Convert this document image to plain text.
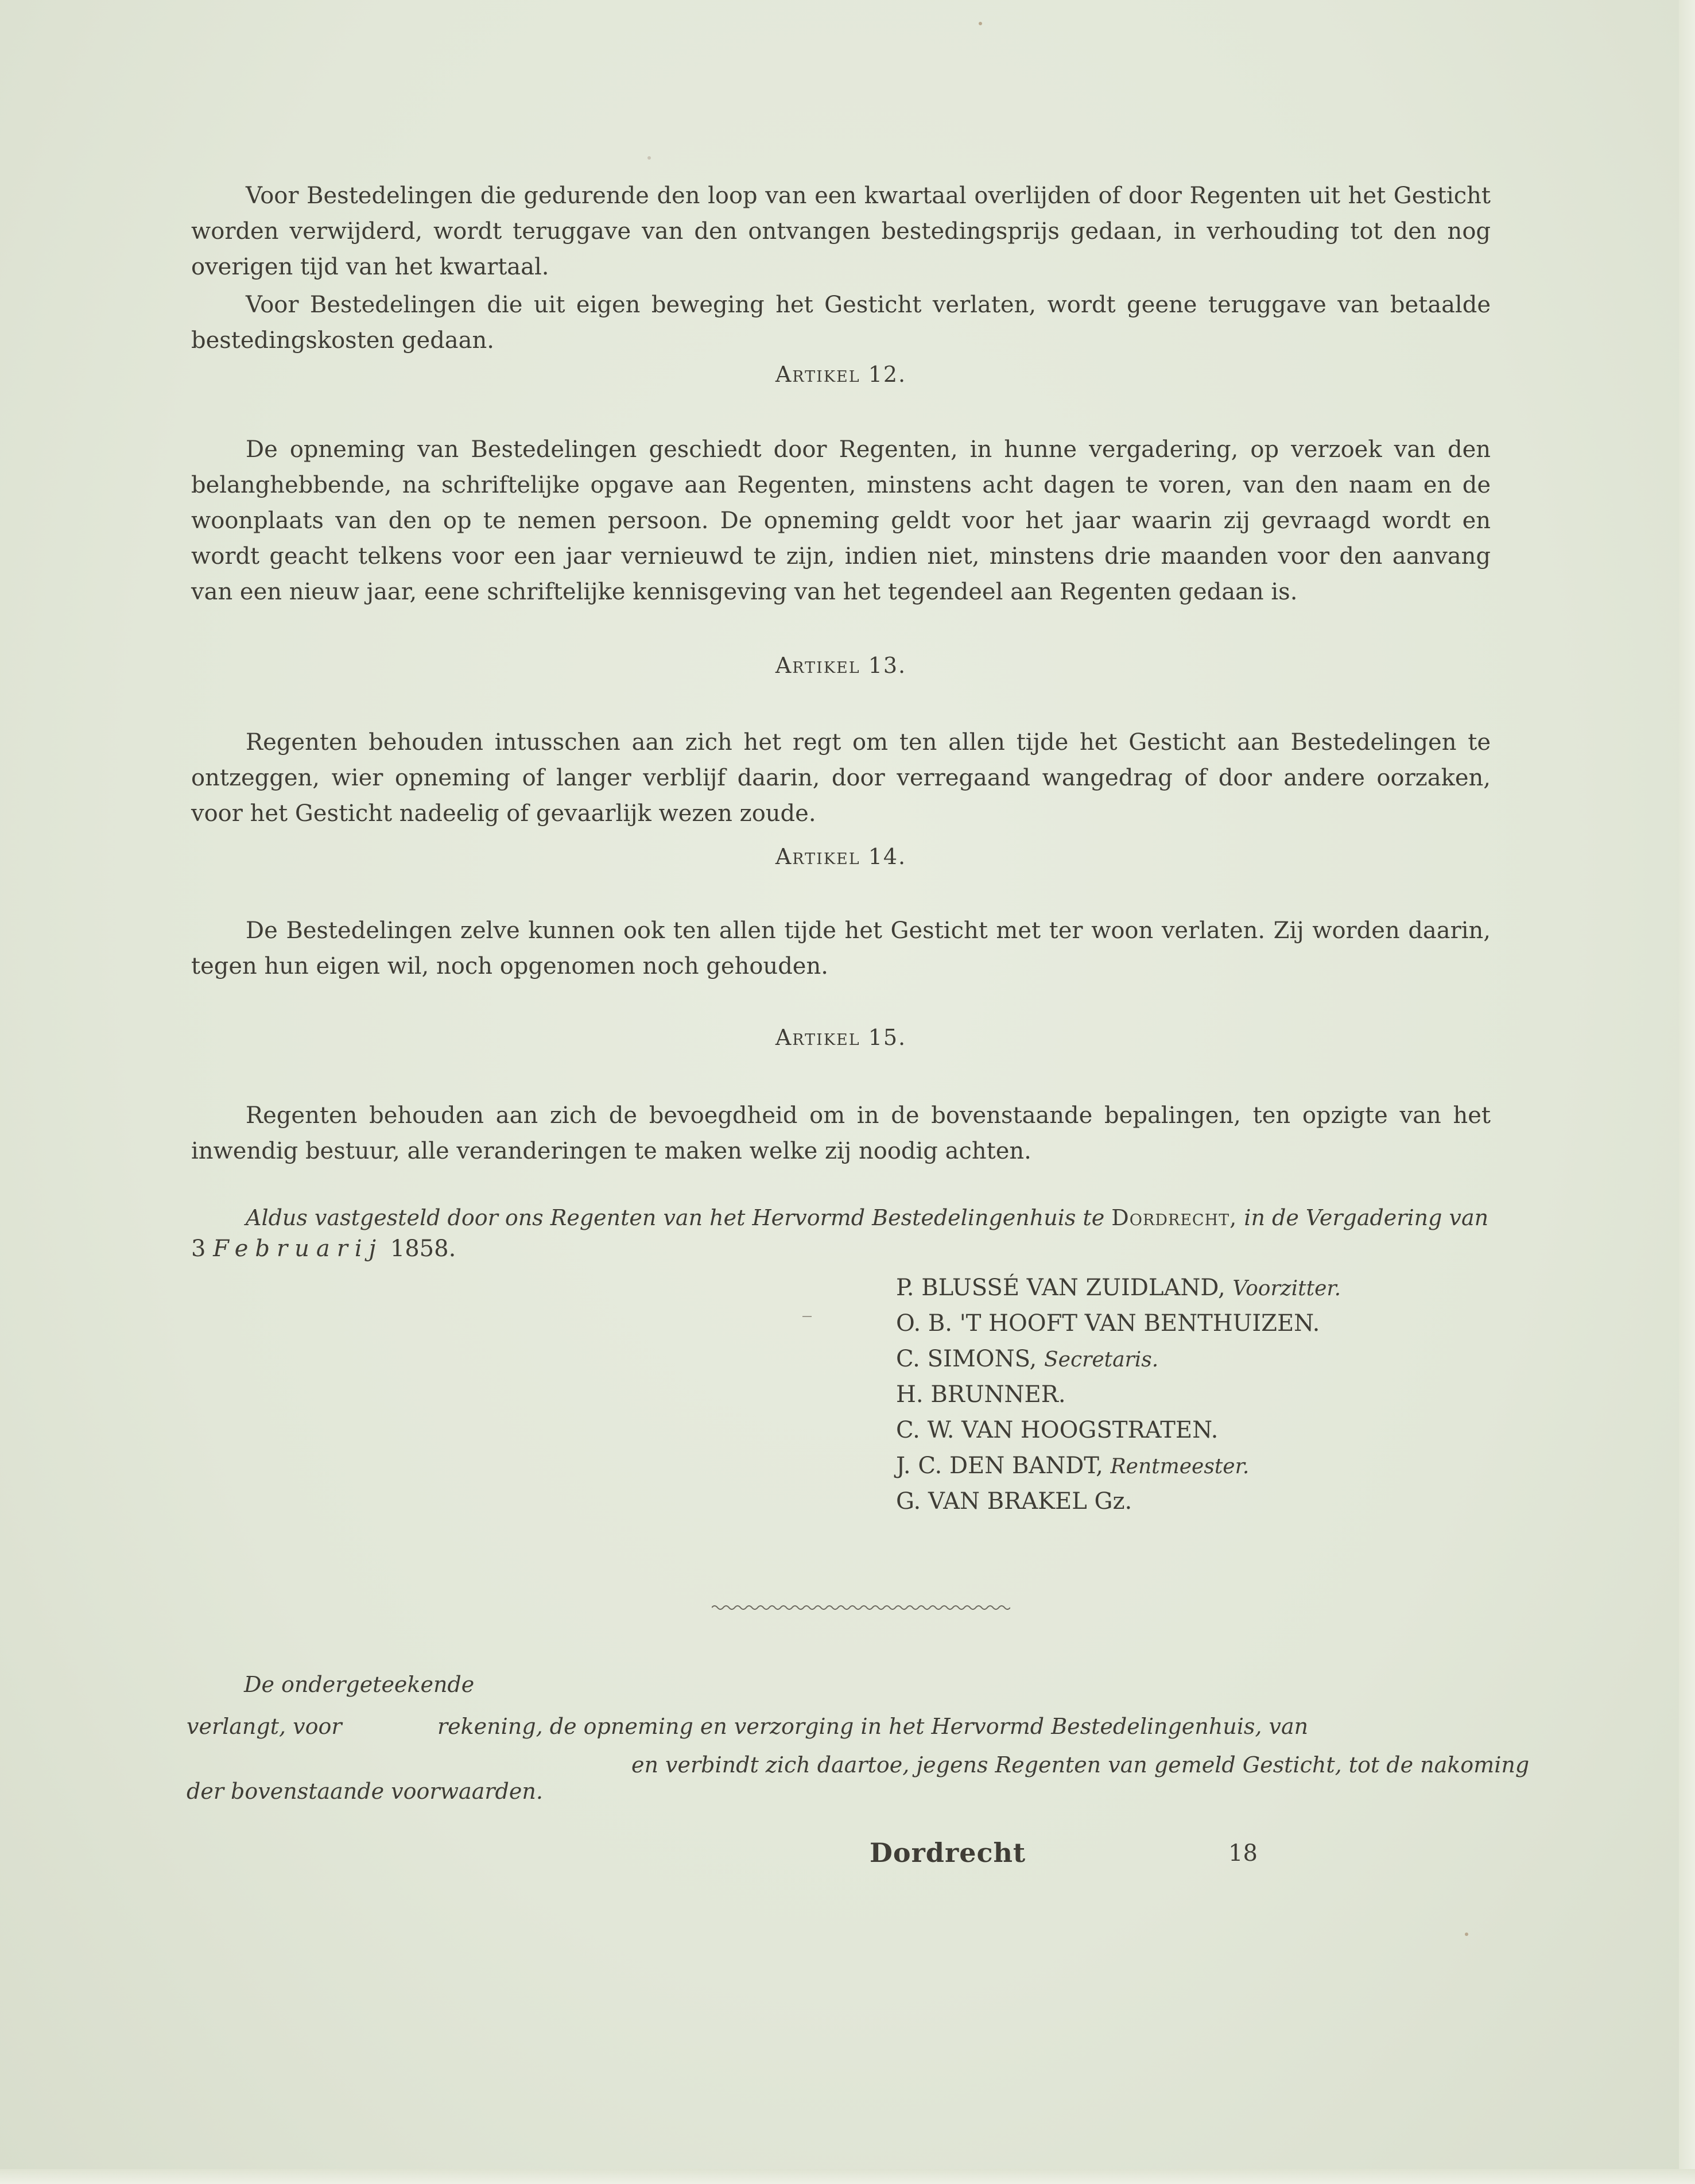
Voor Bestedelingen die gedurende den loop van een kwartaal overlijden of door Regenten uit het Gesticht worden verwijderd, wordt teruggave van den ontvangen bestedingsprijs gedaan, in verhouding tot den nog overigen tijd van het kwartaal.

Voor Bestedelingen die uit eigen beweging het Gesticht verlaten, wordt geene teruggave van betaalde bestedingskosten gedaan.

Artikel 12.

De opneming van Bestedelingen geschiedt door Regenten, in hunne vergadering, op verzoek van den belanghebbende, na schriftelijke opgave aan Regenten, minstens acht dagen te voren, van den naam en de woonplaats van den op te nemen persoon. De opneming geldt voor het jaar waarin zij gevraagd wordt en wordt geacht telkens voor een jaar vernieuwd te zijn, indien niet, minstens drie maanden voor den aanvang van een nieuw jaar, eene schriftelijke kennisgeving van het tegendeel aan Regenten gedaan is.

Artikel 13.

Regenten behouden intusschen aan zich het regt om ten allen tijde het Gesticht aan Bestedelingen te ontzeggen, wier opneming of langer verblijf daarin, door verregaand wangedrag of door andere oorzaken, voor het Gesticht nadeelig of gevaarlijk wezen zoude.

Artikel 14.

De Bestedelingen zelve kunnen ook ten allen tijde het Gesticht met ter woon verlaten. Zij worden daarin, tegen hun eigen wil, noch opgenomen noch gehouden.

Artikel 15.

Regenten behouden aan zich de bevoegdheid om in de bovenstaande bepalingen, ten opzigte van het inwendig bestuur, alle veranderingen te maken welke zij noodig achten.

Aldus vastgesteld door ons Regenten van het Hervormd Bestedelingenhuis te Dordrecht, in de Vergadering van

3 Februarij 1858.
P. BLUSSÉ VAN ZUIDLAND, Voorzitter.
O. B. 'T HOOFT VAN BENTHUIZEN.
C. SIMONS, Secretaris.
H. BRUNNER.
C. W. VAN HOOGSTRATEN.
J. C. DEN BANDT, Rentmeester.
G. VAN BRAKEL Gz.
De ondergeteekende
verlangt, voor	rekening, de opneming en verzorging in het Hervormd Bestedelingenhuis, van
en verbindt zich daartoe, jegens Regenten van gemeld Gesticht, tot de nakoming
der bovenstaande voorwaarden.
Dordrecht	18
